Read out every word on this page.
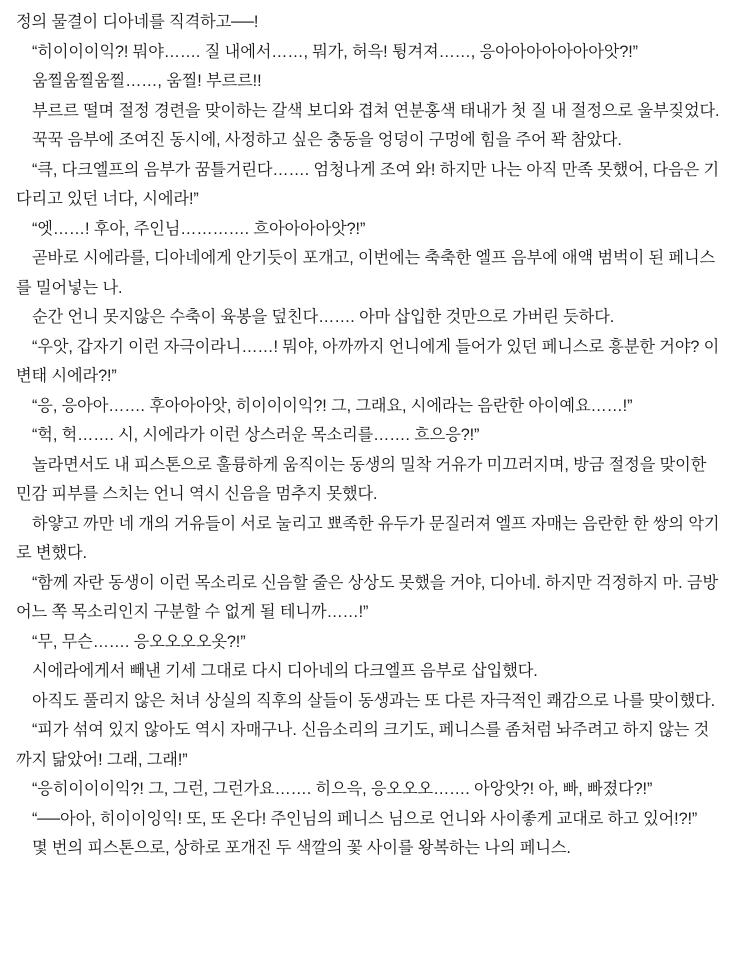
정의 물결이 디아네를 직격하고──!

“히이이이익?! 뭐야……. 질 내에서……, 뭐가, 허윽! 튕겨져……, 응아아아아아아아앗?!”

움찔움찔움찔……, 움찔! 부르르!!

부르르 떨며 절정 경련을 맞이하는 갈색 보디와 겹쳐 연분홍색 태내가 첫 질 내 절정으로 울부짖었다.

꾹꾹 음부에 조여진 동시에, 사정하고 싶은 충동을 엉덩이 구멍에 힘을 주어 꽉 참았다.

“큭, 다크엘프의 음부가 꿈틀거린다……. 엄청나게 조여 와! 하지만 나는 아직 만족 못했어, 다음은 기다리고 있던 너다, 시에라!”

“엣……! 후아, 주인님…………. 흐아아아아앗?!”

곧바로 시에라를, 디아네에게 안기듯이 포개고, 이번에는 축축한 엘프 음부에 애액 범벅이 된 페니스를 밀어넣는 나.

순간 언니 못지않은 수축이 육봉을 덮친다……. 아마 삽입한 것만으로 가버린 듯하다.

“우앗, 갑자기 이런 자극이라니……! 뭐야, 아까까지 언니에게 들어가 있던 페니스로 흥분한 거야? 이 변태 시에라?!”

“응, 응아아……. 후아아아앗, 히이이이익?! 그, 그래요, 시에라는 음란한 아이예요……!”

“헉, 헉……. 시, 시에라가 이런 상스러운 목소리를……. 흐으응?!”

놀라면서도 내 피스톤으로 훌륭하게 움직이는 동생의 밀착 거유가 미끄러지며, 방금 절정을 맞이한 민감 피부를 스치는 언니 역시 신음을 멈추지 못했다.

하얗고 까만 네 개의 거유들이 서로 눌리고 뾰족한 유두가 문질러져 엘프 자매는 음란한 한 쌍의 악기로 변했다.

“함께 자란 동생이 이런 목소리로 신음할 줄은 상상도 못했을 거야, 디아네. 하지만 걱정하지 마. 금방 어느 쪽 목소리인지 구분할 수 없게 될 테니까……!”

“무, 무슨……. 응오오오오옷?!”

시에라에게서 빼낸 기세 그대로 다시 디아네의 다크엘프 음부로 삽입했다.

아직도 풀리지 않은 처녀 상실의 직후의 살들이 동생과는 또 다른 자극적인 쾌감으로 나를 맞이했다.

“피가 섞여 있지 않아도 역시 자매구나. 신음소리의 크기도, 페니스를 좀처럼 놔주려고 하지 않는 것까지 닮았어! 그래, 그래!”

“응히이이이익?! 그, 그런, 그런가요……. 히으윽, 응오오오……. 아앙앗?! 아, 빠, 빠졌다?!”

“──아아, 히이이잉익! 또, 또 온다! 주인님의 페니스 님으로 언니와 사이좋게 교대로 하고 있어!?!”

몇 번의 피스톤으로, 상하로 포개진 두 색깔의 꽃 사이를 왕복하는 나의 페니스.
